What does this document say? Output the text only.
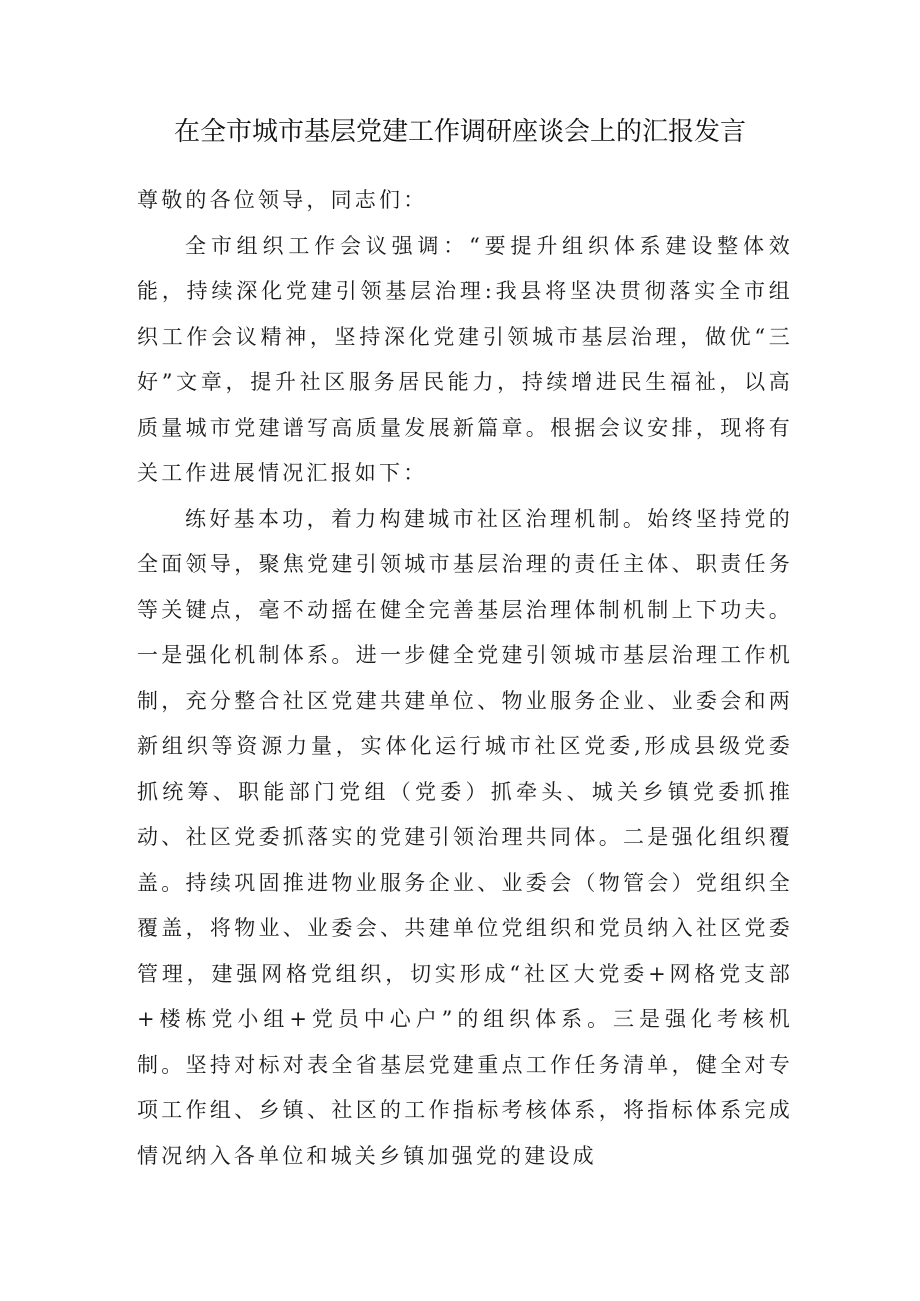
在全市城市基层党建工作调研座谈会上的汇报发言

尊敬的各位领导，同志们：

全市组织工作会议强调：“要提升组织体系建设整体效能，持续深化党建引领基层治理:我县将坚决贯彻落实全市组织工作会议精神，坚持深化党建引领城市基层治理，做优“三好”文章，提升社区服务居民能力，持续增进民生福祉，以高质量城市党建谱写高质量发展新篇章。根据会议安排，现将有关工作进展情况汇报如下：

练好基本功，着力构建城市社区治理机制。始终坚持党的全面领导，聚焦党建引领城市基层治理的责任主体、职责任务等关键点，毫不动摇在健全完善基层治理体制机制上下功夫。一是强化机制体系。进一步健全党建引领城市基层治理工作机制，充分整合社区党建共建单位、物业服务企业、业委会和两新组织等资源力量，实体化运行城市社区党委,形成县级党委抓统筹、职能部门党组（党委）抓牵头、城关乡镇党委抓推动、社区党委抓落实的党建引领治理共同体。二是强化组织覆盖。持续巩固推进物业服务企业、业委会（物管会）党组织全覆盖，将物业、业委会、共建单位党组织和党员纳入社区党委管理，建强网格党组织，切实形成“社区大党委+网格党支部+楼栋党小组+党员中心户”的组织体系。三是强化考核机制。坚持对标对表全省基层党建重点工作任务清单，健全对专项工作组、乡镇、社区的工作指标考核体系，将指标体系完成情况纳入各单位和城关乡镇加强党的建设成
